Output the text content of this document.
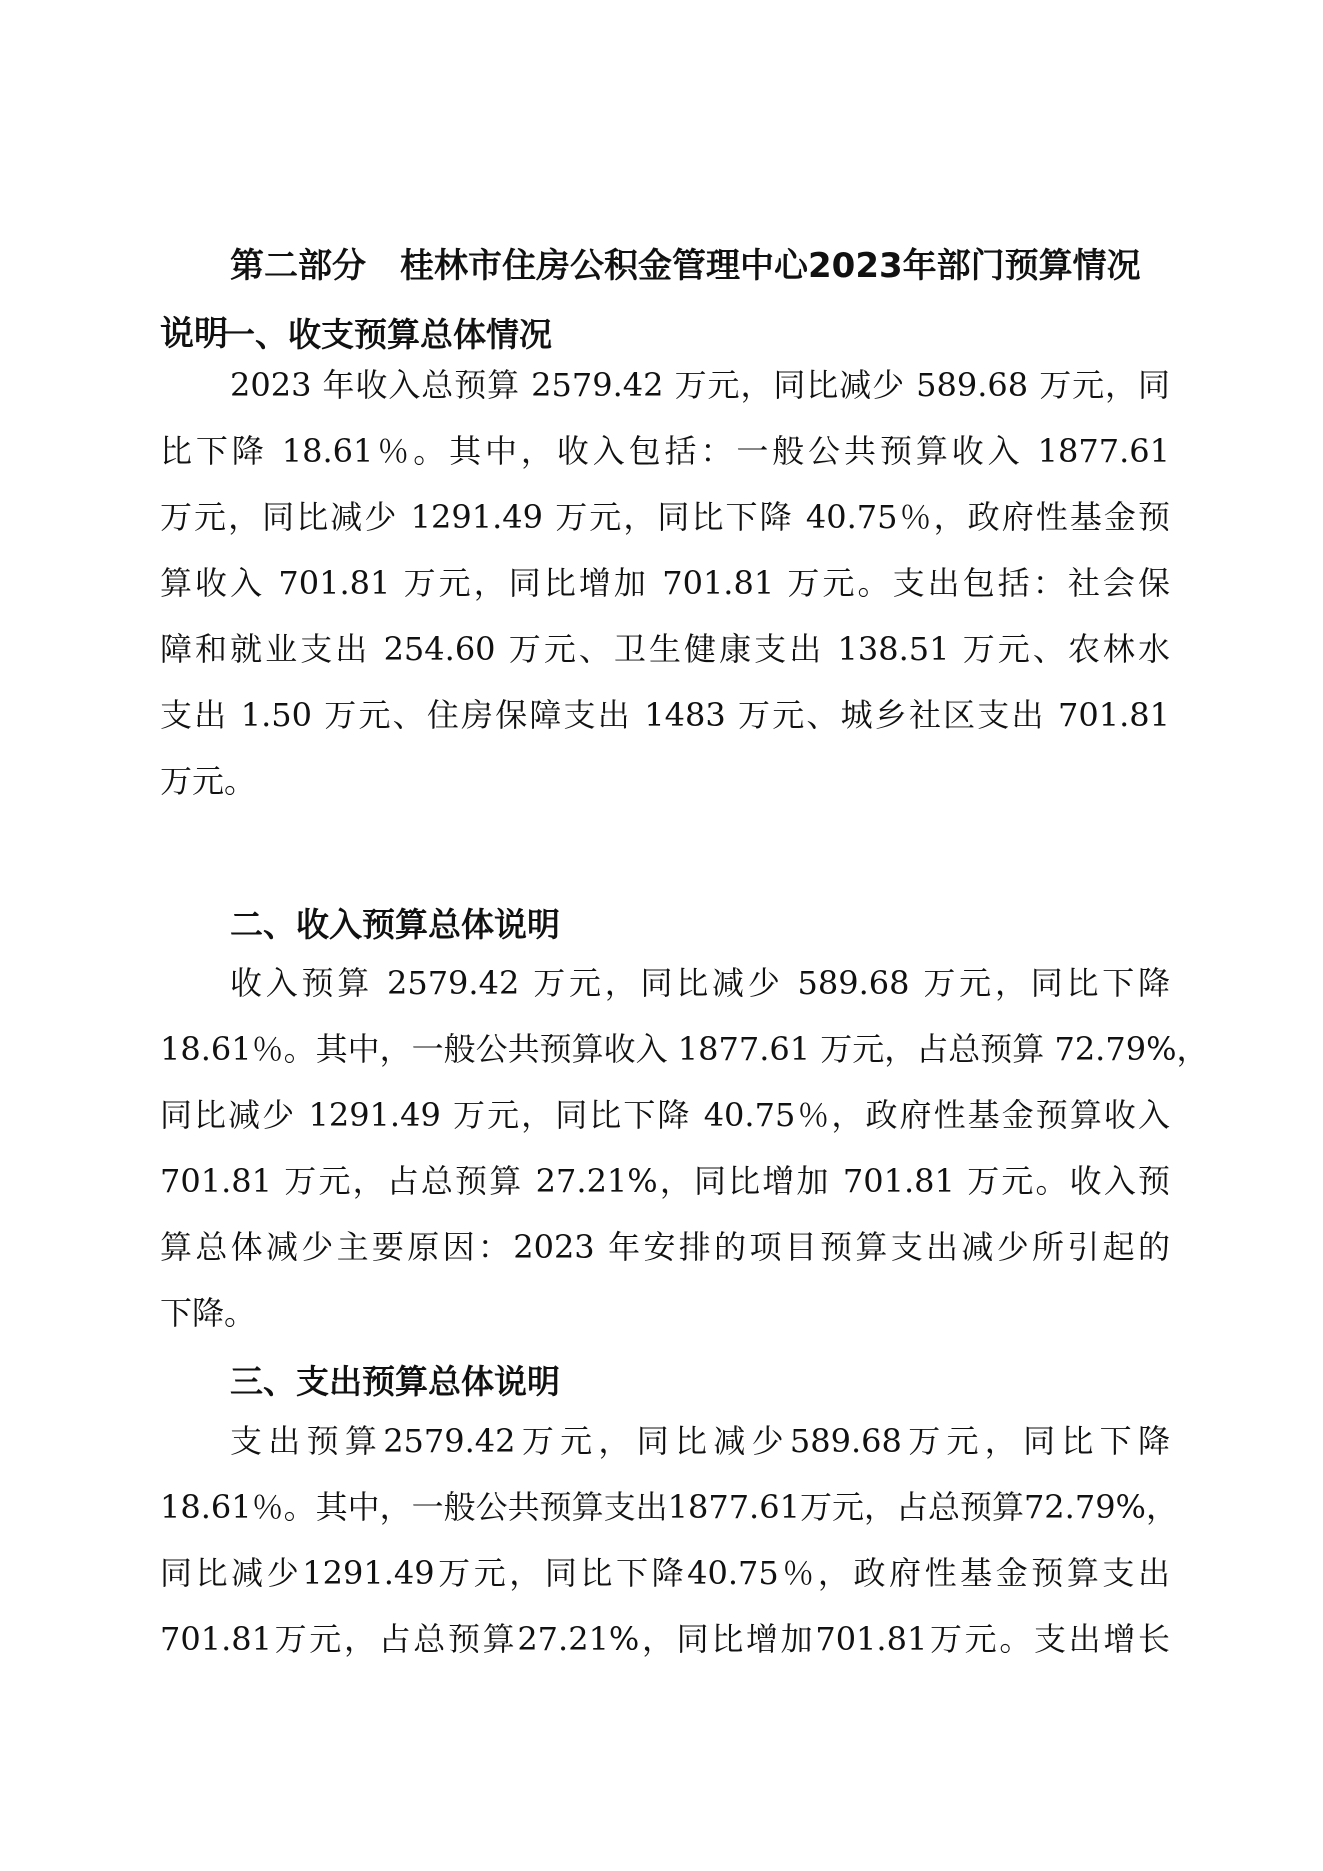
第二部分　桂林市住房公积金管理中心2023年部门预算情况说明
一、收支预算总体情况
2023 年收入总预算 2579.42 万元，同比减少 589.68 万元，同
比下降 18.61％。其中，收入包括：一般公共预算收入 1877.61
万元，同比减少 1291.49 万元，同比下降 40.75％，政府性基金预
算收入 701.81 万元，同比增加 701.81 万元。支出包括：社会保
障和就业支出 254.60 万元、卫生健康支出 138.51 万元、农林水
支出 1.50 万元、住房保障支出 1483 万元、城乡社区支出 701.81
万元。
二、收入预算总体说明
收入预算 2579.42 万元，同比减少 589.68 万元，同比下降
18.61％。其中，一般公共预算收入 1877.61 万元，占总预算 72.79%，
同比减少 1291.49 万元，同比下降 40.75％，政府性基金预算收入
701.81 万元，占总预算 27.21%，同比增加 701.81 万元。收入预
算总体减少主要原因：2023 年安排的项目预算支出减少所引起的
下降。
三、支出预算总体说明
支出预算2579.42万元，同比减少589.68万元，同比下降
18.61％。其中，一般公共预算支出1877.61万元，占总预算72.79%，
同比减少1291.49万元，同比下降40.75％，政府性基金预算支出
701.81万元，占总预算27.21%，同比增加701.81万元。支出增长
